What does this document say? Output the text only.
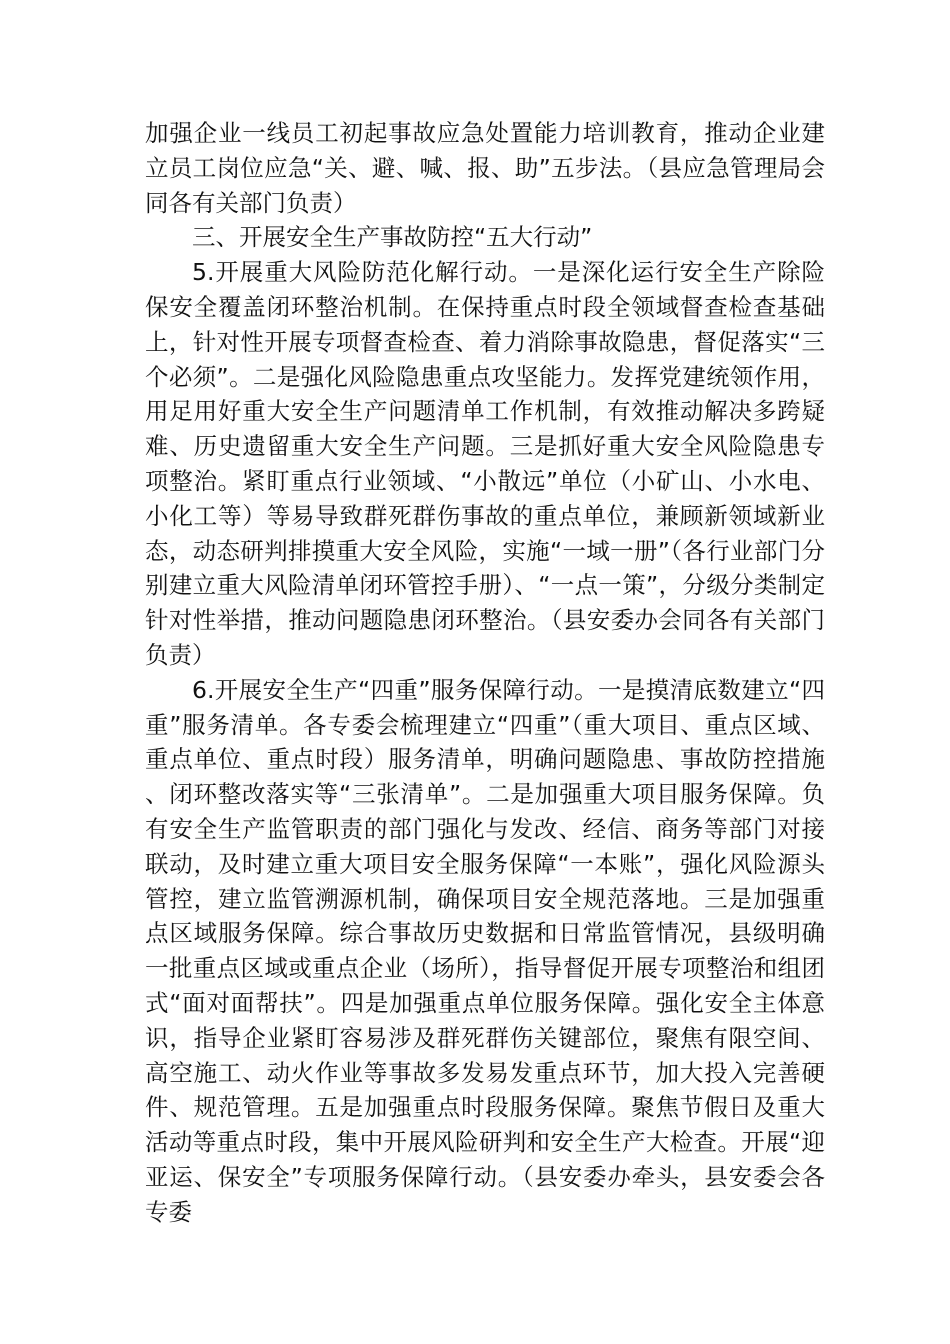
加强企业一线员工初起事故应急处置能力培训教育，推动企业建立员工岗位应急“关、避、喊、报、助”五步法。（县应急管理局会同各有关部门负责）

三、开展安全生产事故防控“五大行动”

5.开展重大风险防范化解行动。一是深化运行安全生产除险保安全覆盖闭环整治机制。在保持重点时段全领域督查检查基础上，针对性开展专项督查检查、着力消除事故隐患，督促落实“三个必须”。二是强化风险隐患重点攻坚能力。发挥党建统领作用，用足用好重大安全生产问题清单工作机制，有效推动解决多跨疑难、历史遗留重大安全生产问题。三是抓好重大安全风险隐患专项整治。紧盯重点行业领域、“小散远”单位（小矿山、小水电、小化工等）等易导致群死群伤事故的重点单位，兼顾新领域新业态，动态研判排摸重大安全风险，实施“一域一册”（各行业部门分别建立重大风险清单闭环管控手册）、“一点一策”，分级分类制定针对性举措，推动问题隐患闭环整治。（县安委办会同各有关部门负责）

6.开展安全生产“四重”服务保障行动。一是摸清底数建立“四重”服务清单。各专委会梳理建立“四重”（重大项目、重点区域、重点单位、重点时段）服务清单，明确问题隐患、事故防控措施、闭环整改落实等“三张清单”。二是加强重大项目服务保障。负有安全生产监管职责的部门强化与发改、经信、商务等部门对接联动，及时建立重大项目安全服务保障“一本账”，强化风险源头管控，建立监管溯源机制，确保项目安全规范落地。三是加强重点区域服务保障。综合事故历史数据和日常监管情况，县级明确一批重点区域或重点企业（场所），指导督促开展专项整治和组团式“面对面帮扶”。四是加强重点单位服务保障。强化安全主体意识，指导企业紧盯容易涉及群死群伤关键部位，聚焦有限空间、高空施工、动火作业等事故多发易发重点环节，加大投入完善硬件、规范管理。五是加强重点时段服务保障。聚焦节假日及重大活动等重点时段，集中开展风险研判和安全生产大检查。开展“迎亚运、保安全”专项服务保障行动。（县安委办牵头，县安委会各专委
